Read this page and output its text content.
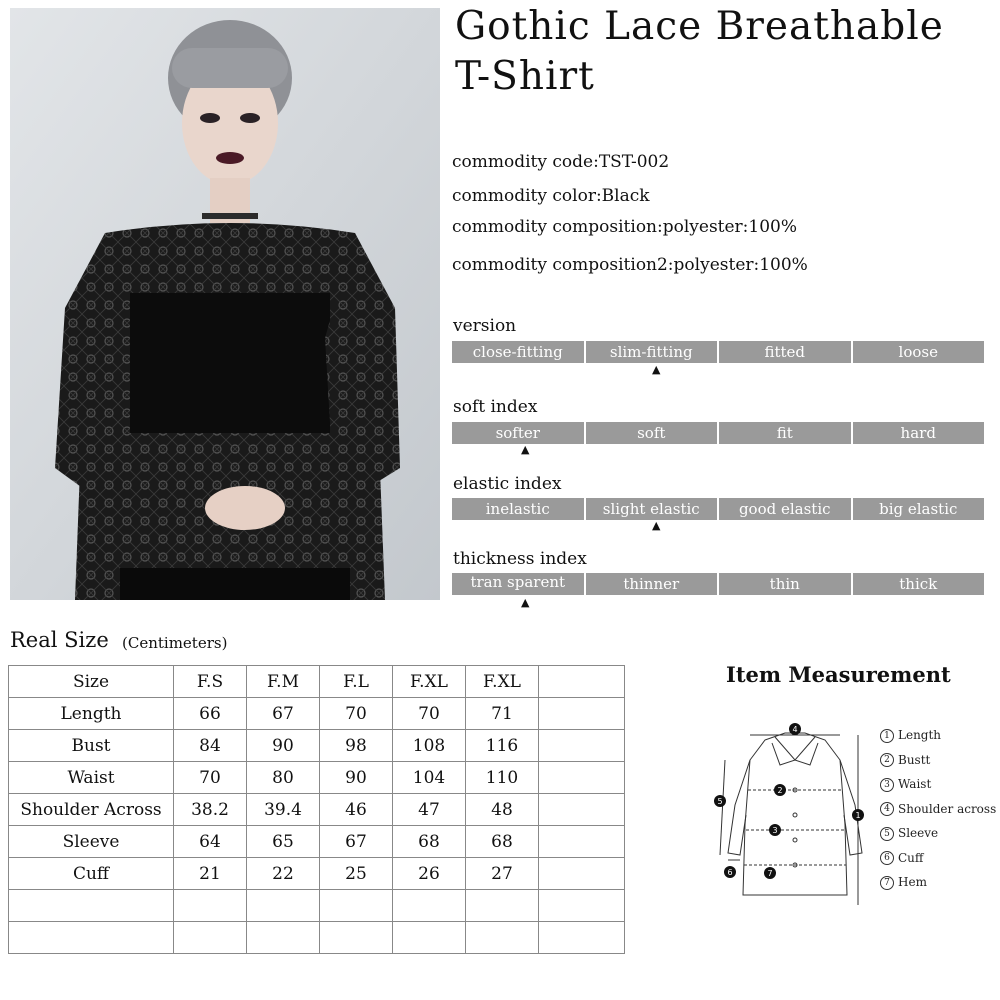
Gothic Lace Breathable
T-Shirt
commodity code:TST-002
commodity color:Black
commodity composition:polyester:100%
commodity composition2:polyester:100%
version
close-fitting	slim-fitting	fitted	loose
▲
soft index
softer	soft	fit	hard
▲
elastic index
inelastic	slight elastic	good elastic	big elastic
▲
thickness index
tran sparent	thinner	thin	thick
▲
Real Size (Centimeters)
Size	F.S	F.M	F.L	F.XL	F.XL	
Length	66	67	70	70	71	
Bust	84	90	98	108	116	
Waist	70	80	90	104	110	
Shoulder Across	38.2	39.4	46	47	48	
Sleeve	64	65	67	68	68	
Cuff	21	22	25	26	27	

Item Measurement
4
2
3
7
1
5
6
1 Length
2 Bustt
3 Waist
4 Shoulder across
5 Sleeve
6 Cuff
7 Hem
